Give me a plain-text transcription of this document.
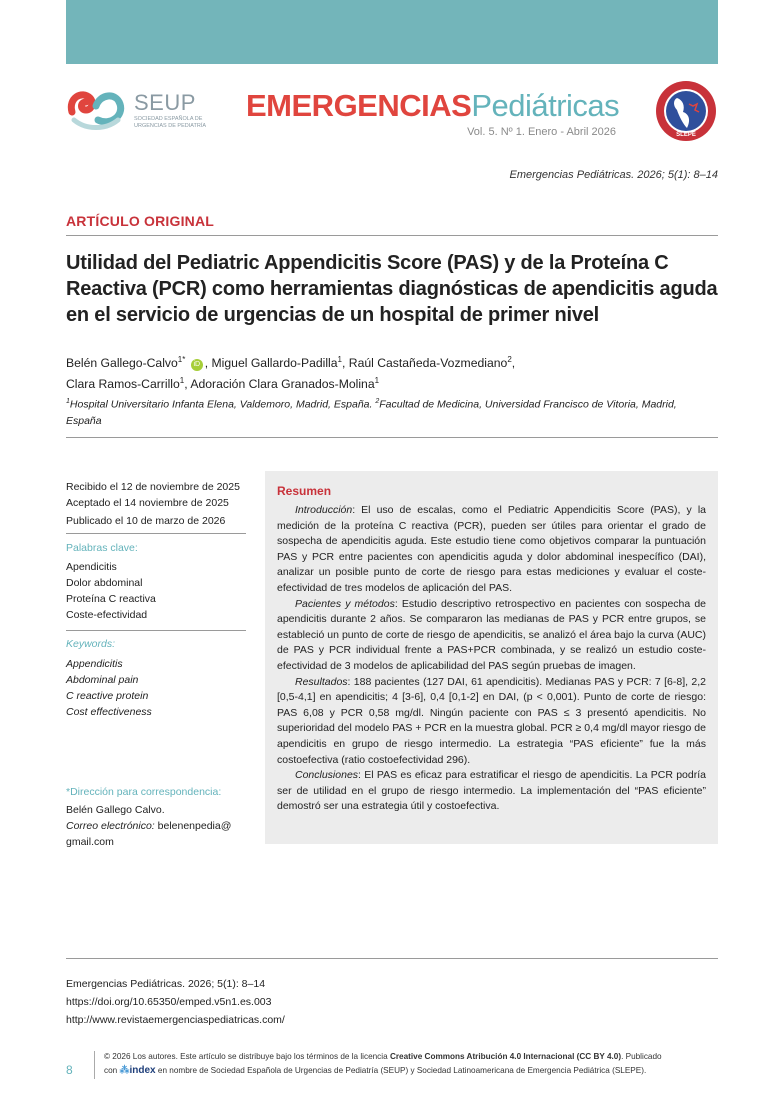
SEUP
SOCIEDAD ESPAÑOLA DE URGENCIAS DE PEDIATRÍA
EMERGENCIASPediátricas
Vol. 5. Nº 1. Enero - Abril 2026	SLEPE
Emergencias Pediátricas. 2026; 5(1): 8–14
ARTÍCULO ORIGINAL
Utilidad del Pediatric Appendicitis Score (PAS) y de la Proteína C Reactiva (PCR) como herramientas diagnósticas de apendicitis aguda en el servicio de urgencias de un hospital de primer nivel
Belén Gallego-Calvo$^{1*}$ iD , Miguel Gallardo-Padilla$^1$, Raúl Castañeda-Vozmediano$^2$,
Clara Ramos-Carrillo$^1$, Adoración Clara Granados-Molina$^1$
$^1$Hospital Universitario Infanta Elena, Valdemoro, Madrid, España. $^2$Facultad de Medicina, Universidad Francisco de Vitoria, Madrid, España
Recibido el 12 de noviembre de 2025
Aceptado el 14 noviembre de 2025
Publicado el 10 de marzo de 2026
Palabras clave:
Apendicitis
Dolor abdominal
Proteína C reactiva
Coste-efectividad
Keywords:
Appendicitis
Abdominal pain
C reactive protein
Cost effectiveness
*Dirección para correspondencia:
Belén Gallego Calvo.
Correo electrónico: belenenpedia@
gmail.com
Resumen

Introducción: El uso de escalas, como el Pediatric Appendicitis Score (PAS), y la medición de la proteína C reactiva (PCR), pueden ser útiles para orientar el grado de sospecha de apendicitis aguda. Este estudio tiene como objetivos comparar la puntuación PAS y PCR entre pacientes con apendicitis aguda y dolor abdominal inespecífico (DAI), analizar un posible punto de corte de riesgo para estas mediciones y evaluar el coste-efectividad de tres modelos de aplicación del PAS.

Pacientes y métodos: Estudio descriptivo retrospectivo en pacientes con sospecha de apendicitis durante 2 años. Se compararon las medianas de PAS y PCR entre grupos, se estableció un punto de corte de riesgo de apendicitis, se analizó el área bajo la curva (AUC) de PAS y PCR individual frente a PAS+PCR combinada, y se realizó un estudio coste-efectividad de 3 modelos de aplicabilidad del PAS según pruebas de imagen.

Resultados: 188 pacientes (127 DAI, 61 apendicitis). Medianas PAS y PCR: 7 [6-8], 2,2 [0,5-4,1] en apendicitis; 4 [3-6], 0,4 [0,1-2] en DAI, (p < 0,001). Punto de corte de riesgo: PAS 6,08 y PCR 0,58 mg/dl. Ningún paciente con PAS ≤ 3 presentó apendicitis. No superioridad del modelo PAS + PCR en la muestra global. PCR ≥ 0,4 mg/dl mayor riesgo de apendicitis en grupo de riesgo intermedio. La estrategia “PAS eficiente” fue la más costoefectiva (ratio costoefectividad 296).

Conclusiones: El PAS es eficaz para estratificar el riesgo de apendicitis. La PCR podría ser de utilidad en el grupo de riesgo intermedio. La implementación del “PAS eficiente” demostró ser una estrategia útil y costoefectiva.

Emergencias Pediátricas. 2026; 5(1): 8–14
https://doi.org/10.65350/emped.v5n1.es.003
http://www.revistaemergenciaspediatricas.com/
8
© 2026 Los autores. Este artículo se distribuye bajo los términos de la licencia Creative Commons Atribución 4.0 Internacional (CC BY 4.0). Publicado
con ⁂index en nombre de Sociedad Española de Urgencias de Pediatría (SEUP) y Sociedad Latinoamericana de Emergencia Pediátrica (SLEPE).
